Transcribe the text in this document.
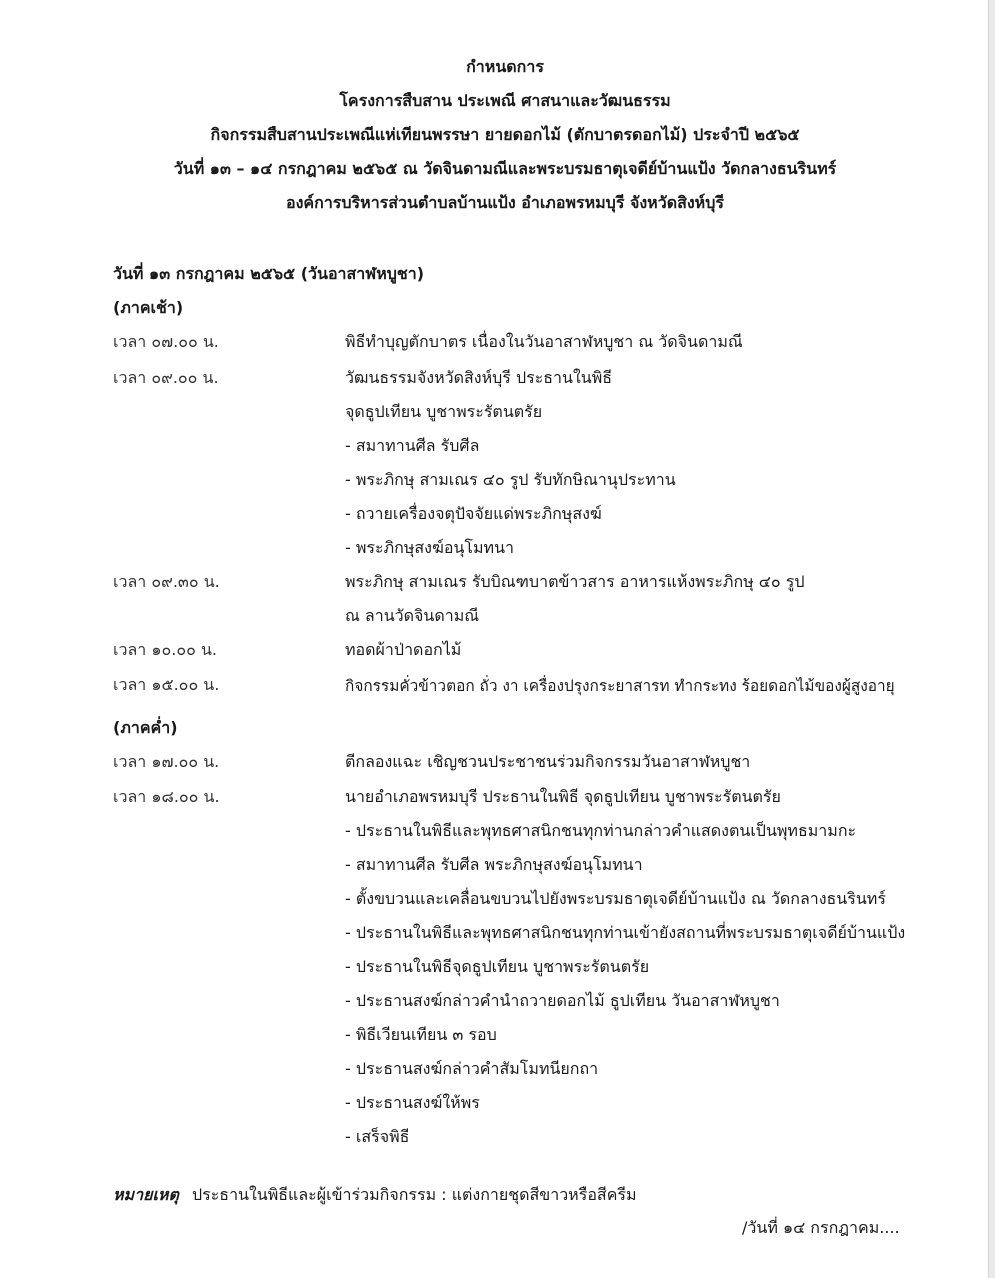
กำหนดการ
โครงการสืบสาน ประเพณี ศาสนาและวัฒนธรรม
กิจกรรมสืบสานประเพณีแห่เทียนพรรษา ยายดอกไม้ (ตักบาตรดอกไม้) ประจำปี ๒๕๖๕
วันที่ ๑๓ – ๑๔ กรกฎาคม ๒๕๖๕ ณ วัดจินดามณีและพระบรมธาตุเจดีย์บ้านแป้ง วัดกลางธนรินทร์
องค์การบริหารส่วนตำบลบ้านแป้ง อำเภอพรหมบุรี จังหวัดสิงห์บุรี
วันที่ ๑๓ กรกฎาคม ๒๕๖๕ (วันอาสาฬหบูชา)
(ภาคเช้า)
เวลา ๐๗.๐๐ น.	พิธีทำบุญตักบาตร เนื่องในวันอาสาฬหบูชา ณ วัดจินดามณี
เวลา ๐๙.๐๐ น.	วัฒนธรรมจังหวัดสิงห์บุรี ประธานในพิธี
จุดธูปเทียน บูชาพระรัตนตรัย
- สมาทานศีล รับศีล
- พระภิกษุ สามเณร ๔๐ รูป รับทักษิณานุประทาน
- ถวายเครื่องจตุปัจจัยแด่พระภิกษุสงฆ์
- พระภิกษุสงฆ์อนุโมทนา
เวลา ๐๙.๓๐ น.	พระภิกษุ สามเณร รับบิณฑบาตข้าวสาร อาหารแห้งพระภิกษุ ๔๐ รูป
ณ ลานวัดจินดามณี
เวลา ๑๐.๐๐ น.	ทอดผ้าป่าดอกไม้
เวลา ๑๕.๐๐ น.	กิจกรรมคั่วข้าวตอก ถั่ว งา เครื่องปรุงกระยาสารท ทำกระทง ร้อยดอกไม้ของผู้สูงอายุ
(ภาคค่ำ)
เวลา ๑๗.๐๐ น.	ตีกลองแฉะ เชิญชวนประชาชนร่วมกิจกรรมวันอาสาฬหบูชา
เวลา ๑๘.๐๐ น.	นายอำเภอพรหมบุรี ประธานในพิธี จุดธูปเทียน บูชาพระรัตนตรัย
- ประธานในพิธีและพุทธศาสนิกชนทุกท่านกล่าวคำแสดงตนเป็นพุทธมามกะ
- สมาทานศีล รับศีล พระภิกษุสงฆ์อนุโมทนา
- ตั้งขบวนและเคลื่อนขบวนไปยังพระบรมธาตุเจดีย์บ้านแป้ง ณ วัดกลางธนรินทร์
- ประธานในพิธีและพุทธศาสนิกชนทุกท่านเข้ายังสถานที่พระบรมธาตุเจดีย์บ้านแป้ง
- ประธานในพิธีจุดธูปเทียน บูชาพระรัตนตรัย
- ประธานสงฆ์กล่าวคำนำถวายดอกไม้ ธูปเทียน วันอาสาฬหบูชา
- พิธีเวียนเทียน ๓ รอบ
- ประธานสงฆ์กล่าวคำสัมโมทนียกถา
- ประธานสงฆ์ให้พร
- เสร็จพิธี
หมายเหตุ ประธานในพิธีและผู้เข้าร่วมกิจกรรม : แต่งกายชุดสีขาวหรือสีครีม
/วันที่ ๑๔ กรกฎาคม....
